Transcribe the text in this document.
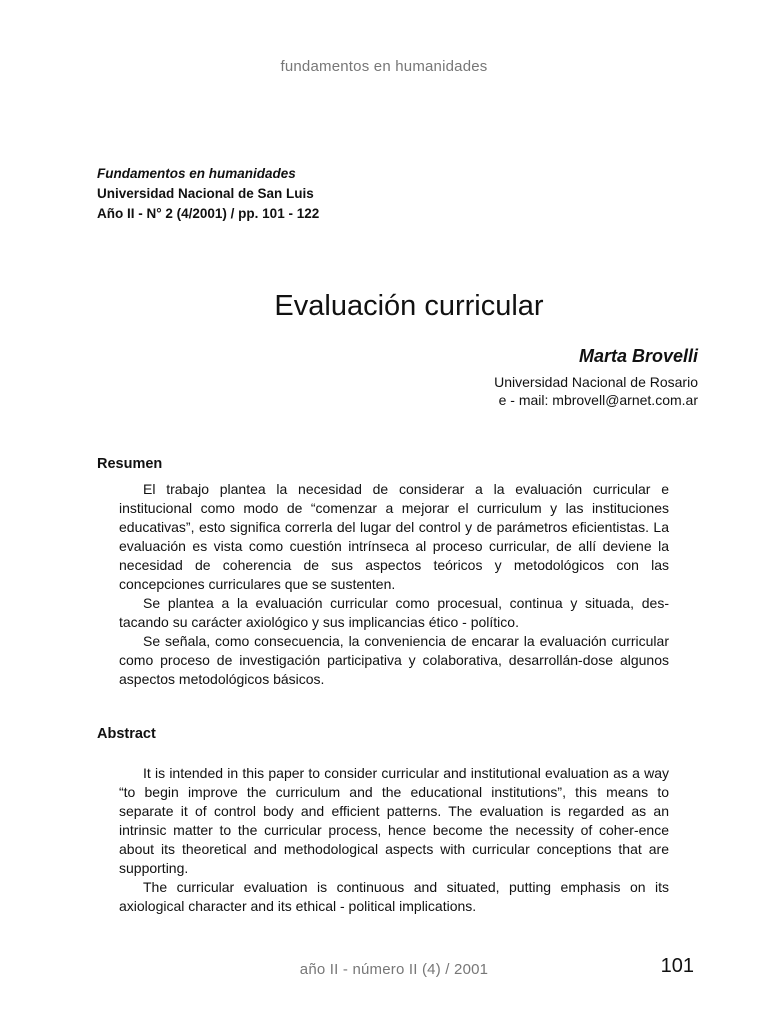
fundamentos en humanidades
Fundamentos en humanidades
Universidad Nacional de San Luis
Año II - N° 2 (4/2001) / pp. 101 - 122
Evaluación curricular
Marta Brovelli
Universidad Nacional de Rosario
e - mail: mbrovell@arnet.com.ar
Resumen

El trabajo plantea la necesidad de considerar a la evaluación curricular e institucional como modo de “comenzar a mejorar el curriculum y las instituciones educativas”, esto significa correrla del lugar del control y de parámetros eficientistas. La evaluación es vista como cuestión intrínseca al proceso curricular, de allí deviene la necesidad de coherencia de sus aspectos teóricos y metodológicos con las concepciones curriculares que se sustenten.

Se plantea a la evaluación curricular como procesual, continua y situada, des-tacando su carácter axiológico y sus implicancias ético - político.

Se señala, como consecuencia, la conveniencia de encarar la evaluación curricular como proceso de investigación participativa y colaborativa, desarrollán-dose algunos aspectos metodológicos básicos.

Abstract

It is intended in this paper to consider curricular and institutional evaluation as a way “to begin improve the curriculum and the educational institutions”, this means to separate it of control body and efficient patterns. The evaluation is regarded as an intrinsic matter to the curricular process, hence become the necessity of coher-ence about its theoretical and methodological aspects with curricular conceptions that are supporting.

The curricular evaluation is continuous and situated, putting emphasis on its axiological character and its ethical - political implications.

año II - número II (4) / 2001	101
